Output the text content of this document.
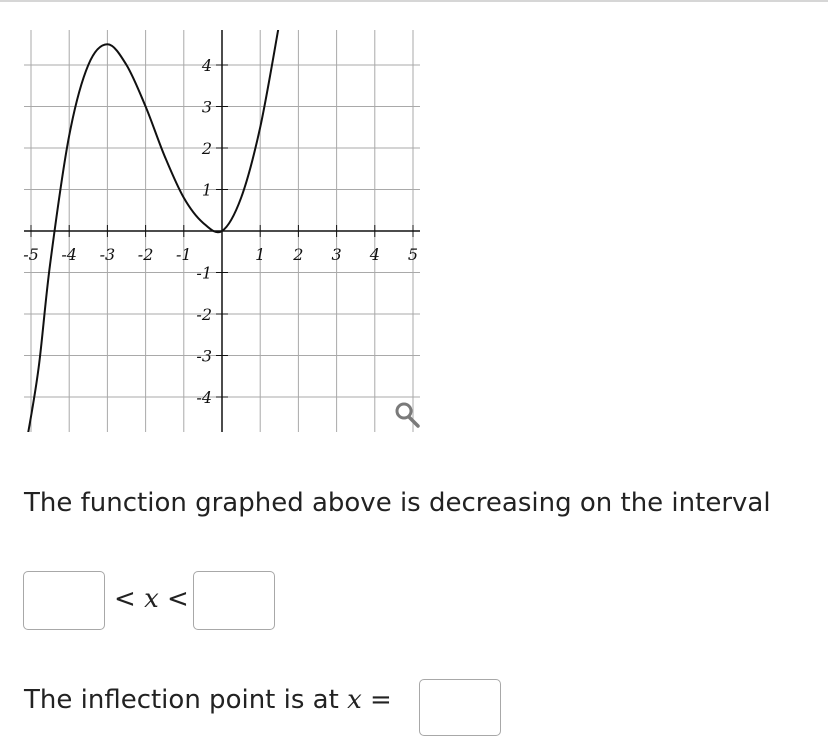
-5 -4 -3 -2 -1	1 2 3 4 5
4
3
2
1
-1
-2
-3
-4
The function graphed above is decreasing on the interval
< x <
The inflection point is at x =
